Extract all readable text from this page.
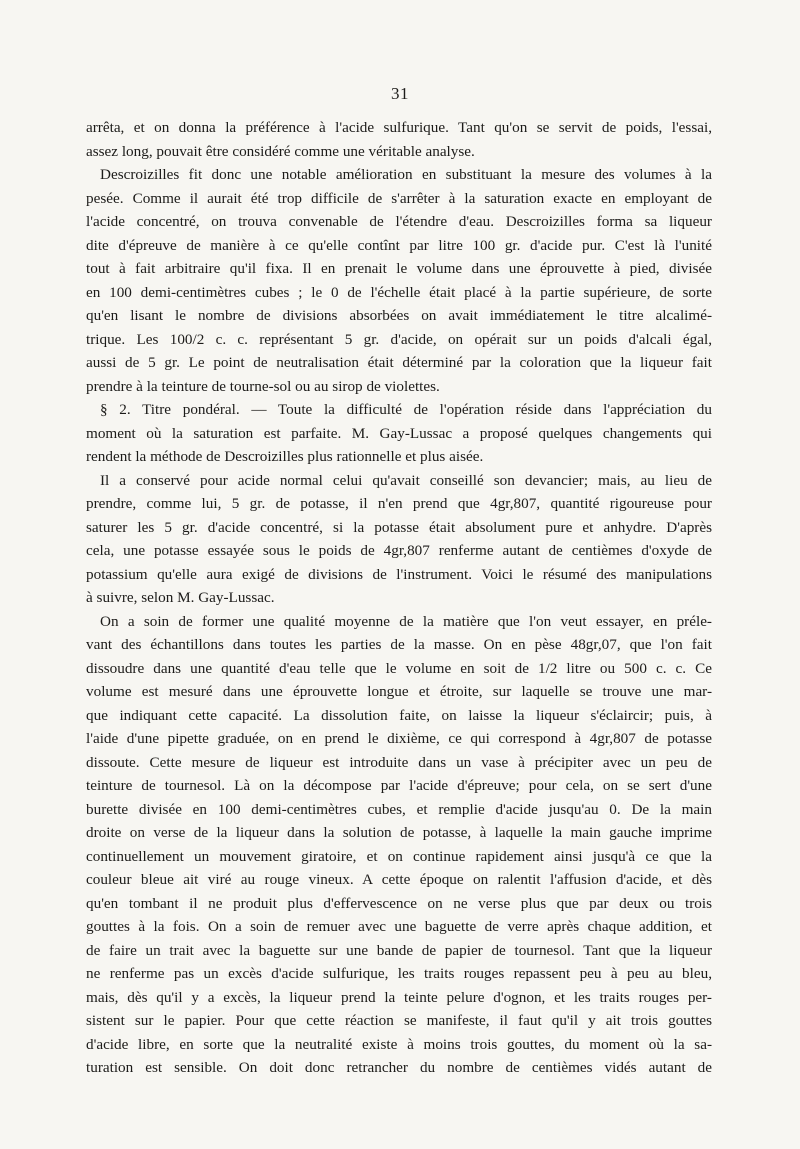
31
arrêta, et on donna la préférence à l'acide sulfurique. Tant qu'on se servit de poids, l'essai,
assez long, pouvait être considéré comme une véritable analyse.
Descroizilles fit donc une notable amélioration en substituant la mesure des volumes à la
pesée. Comme il aurait été trop difficile de s'arrêter à la saturation exacte en employant de
l'acide concentré, on trouva convenable de l'étendre d'eau. Descroizilles forma sa liqueur
dite d'épreuve de manière à ce qu'elle contînt par litre 100 gr. d'acide pur. C'est là l'unité
tout à fait arbitraire qu'il fixa. Il en prenait le volume dans une éprouvette à pied, divisée
en 100 demi-centimètres cubes ; le 0 de l'échelle était placé à la partie supérieure, de sorte
qu'en lisant le nombre de divisions absorbées on avait immédiatement le titre alcalimé-
trique. Les 100/2 c. c. représentant 5 gr. d'acide, on opérait sur un poids d'alcali égal,
aussi de 5 gr. Le point de neutralisation était déterminé par la coloration que la liqueur fait
prendre à la teinture de tourne-sol ou au sirop de violettes.
§ 2. Titre pondéral. — Toute la difficulté de l'opération réside dans l'appréciation du
moment où la saturation est parfaite. M. Gay-Lussac a proposé quelques changements qui
rendent la méthode de Descroizilles plus rationnelle et plus aisée.
Il a conservé pour acide normal celui qu'avait conseillé son devancier; mais, au lieu de
prendre, comme lui, 5 gr. de potasse, il n'en prend que 4gr,807, quantité rigoureuse pour
saturer les 5 gr. d'acide concentré, si la potasse était absolument pure et anhydre. D'après
cela, une potasse essayée sous le poids de 4gr,807 renferme autant de centièmes d'oxyde de
potassium qu'elle aura exigé de divisions de l'instrument. Voici le résumé des manipulations
à suivre, selon M. Gay-Lussac.
On a soin de former une qualité moyenne de la matière que l'on veut essayer, en préle-
vant des échantillons dans toutes les parties de la masse. On en pèse 48gr,07, que l'on fait
dissoudre dans une quantité d'eau telle que le volume en soit de 1/2 litre ou 500 c. c. Ce
volume est mesuré dans une éprouvette longue et étroite, sur laquelle se trouve une mar-
que indiquant cette capacité. La dissolution faite, on laisse la liqueur s'éclaircir; puis, à
l'aide d'une pipette graduée, on en prend le dixième, ce qui correspond à 4gr,807 de potasse
dissoute. Cette mesure de liqueur est introduite dans un vase à précipiter avec un peu de
teinture de tournesol. Là on la décompose par l'acide d'épreuve; pour cela, on se sert d'une
burette divisée en 100 demi-centimètres cubes, et remplie d'acide jusqu'au 0. De la main
droite on verse de la liqueur dans la solution de potasse, à laquelle la main gauche imprime
continuellement un mouvement giratoire, et on continue rapidement ainsi jusqu'à ce que la
couleur bleue ait viré au rouge vineux. A cette époque on ralentit l'affusion d'acide, et dès
qu'en tombant il ne produit plus d'effervescence on ne verse plus que par deux ou trois
gouttes à la fois. On a soin de remuer avec une baguette de verre après chaque addition, et
de faire un trait avec la baguette sur une bande de papier de tournesol. Tant que la liqueur
ne renferme pas un excès d'acide sulfurique, les traits rouges repassent peu à peu au bleu,
mais, dès qu'il y a excès, la liqueur prend la teinte pelure d'ognon, et les traits rouges per-
sistent sur le papier. Pour que cette réaction se manifeste, il faut qu'il y ait trois gouttes
d'acide libre, en sorte que la neutralité existe à moins trois gouttes, du moment où la sa-
turation est sensible. On doit donc retrancher du nombre de centièmes vidés autant de
